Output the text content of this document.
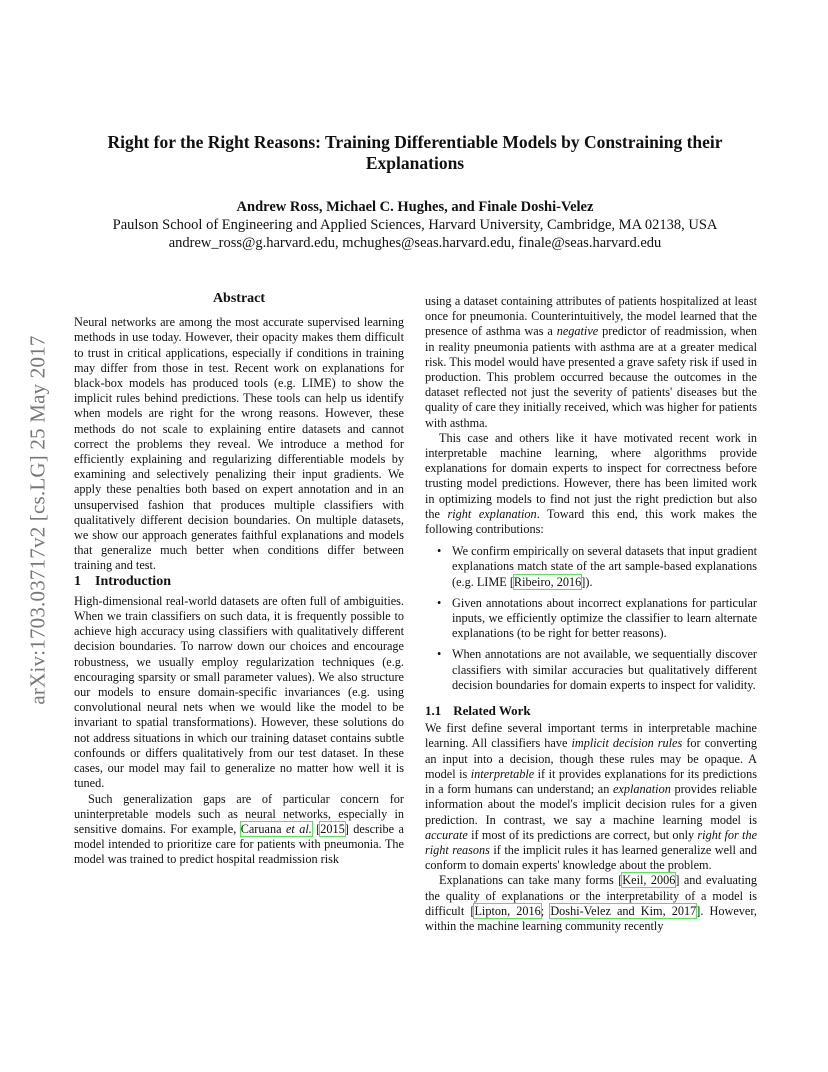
arXiv:1703.03717v2 [cs.LG] 25 May 2017
Right for the Right Reasons: Training Differentiable Models by Constraining their
Explanations

Andrew Ross, Michael C. Hughes, and Finale Doshi-Velez

Paulson School of Engineering and Applied Sciences, Harvard University, Cambridge, MA 02138, USA

andrew_ross@g.harvard.edu, mchughes@seas.harvard.edu, finale@seas.harvard.edu

Abstract

Neural networks are among the most accurate supervised learning methods in use today. However, their opacity makes them difficult to trust in critical applications, especially if conditions in training may differ from those in test. Recent work on explanations for black-box models has produced tools (e.g. LIME) to show the implicit rules behind predictions. These tools can help us identify when models are right for the wrong reasons. However, these methods do not scale to explaining entire datasets and cannot correct the problems they reveal. We introduce a method for efficiently explaining and regularizing differentiable models by examining and selectively penalizing their input gradients. We apply these penalties both based on expert annotation and in an unsupervised fashion that produces multiple classifiers with qualitatively different decision boundaries. On multiple datasets, we show our approach generates faithful explanations and models that generalize much better when conditions differ between training and test.

1 Introduction

High-dimensional real-world datasets are often full of ambiguities. When we train classifiers on such data, it is frequently possible to achieve high accuracy using classifiers with qualitatively different decision boundaries. To narrow down our choices and encourage robustness, we usually employ regularization techniques (e.g. encouraging sparsity or small parameter values). We also structure our models to ensure domain-specific invariances (e.g. using convolutional neural nets when we would like the model to be invariant to spatial transformations). However, these solutions do not address situations in which our training dataset contains subtle confounds or differs qualitatively from our test dataset. In these cases, our model may fail to generalize no matter how well it is tuned.

Such generalization gaps are of particular concern for uninterpretable models such as neural networks, especially in sensitive domains. For example, Caruana et al. [2015] describe a model intended to prioritize care for patients with pneumonia. The model was trained to predict hospital readmission risk

using a dataset containing attributes of patients hospitalized at least once for pneumonia. Counterintuitively, the model learned that the presence of asthma was a negative predictor of readmission, when in reality pneumonia patients with asthma are at a greater medical risk. This model would have presented a grave safety risk if used in production. This problem occurred because the outcomes in the dataset reflected not just the severity of patients' diseases but the quality of care they initially received, which was higher for patients with asthma.

This case and others like it have motivated recent work in interpretable machine learning, where algorithms provide explanations for domain experts to inspect for correctness before trusting model predictions. However, there has been limited work in optimizing models to find not just the right prediction but also the right explanation. Toward this end, this work makes the following contributions:

• We confirm empirically on several datasets that input gradient explanations match state of the art sample-based explanations (e.g. LIME [Ribeiro, 2016]).
• Given annotations about incorrect explanations for particular inputs, we efficiently optimize the classifier to learn alternate explanations (to be right for better reasons).
• When annotations are not available, we sequentially discover classifiers with similar accuracies but qualitatively different decision boundaries for domain experts to inspect for validity.
1.1 Related Work

We first define several important terms in interpretable machine learning. All classifiers have implicit decision rules for converting an input into a decision, though these rules may be opaque. A model is interpretable if it provides explanations for its predictions in a form humans can understand; an explanation provides reliable information about the model's implicit decision rules for a given prediction. In contrast, we say a machine learning model is accurate if most of its predictions are correct, but only right for the right reasons if the implicit rules it has learned generalize well and conform to domain experts' knowledge about the problem.

Explanations can take many forms [Keil, 2006] and evaluating the quality of explanations or the interpretability of a model is difficult [Lipton, 2016; Doshi-Velez and Kim, 2017]. However, within the machine learning community recently
